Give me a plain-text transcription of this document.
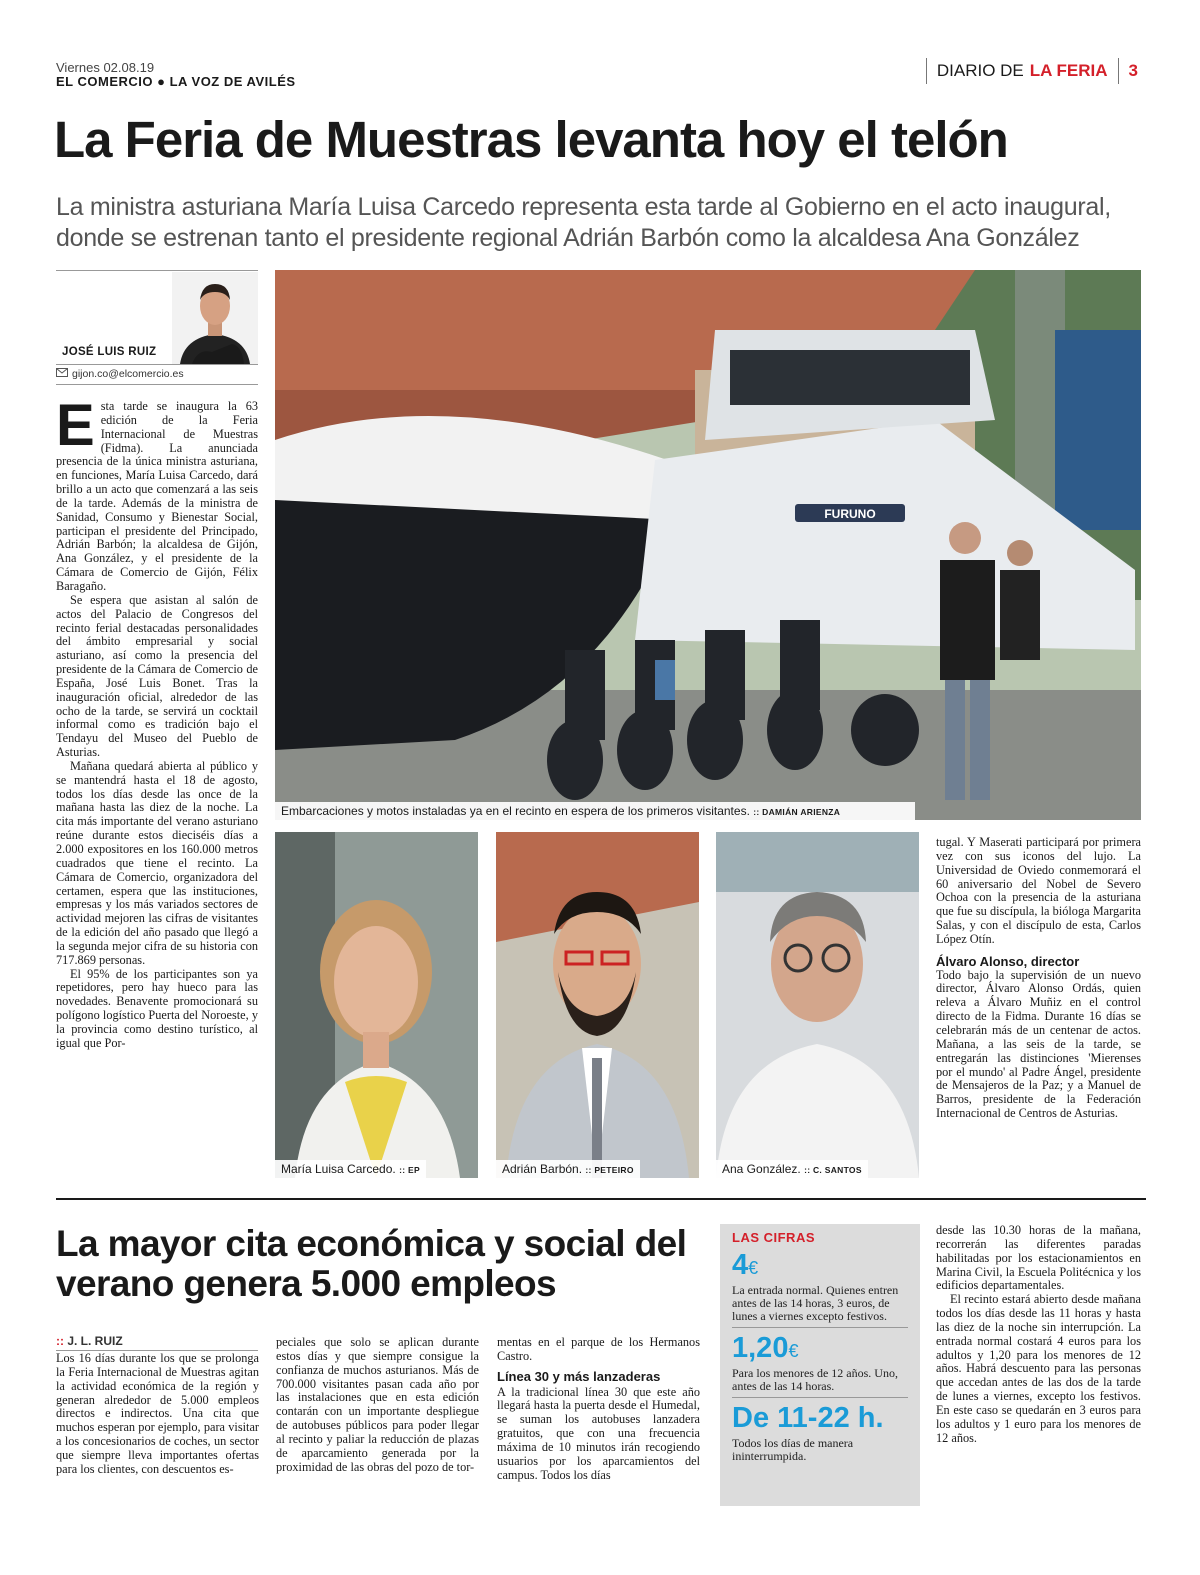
Viernes 02.08.19
EL COMERCIO ● LA VOZ DE AVILÉS
DIARIO DE LA FERIA 3
La Feria de Muestras levanta hoy el telón
La ministra asturiana María Luisa Carcedo representa esta tarde al Gobierno en el acto inaugural, donde se estrenan tanto el presidente regional Adrián Barbón como la alcaldesa Ana González
JOSÉ LUIS RUIZ
gijon.co@elcomercio.es

Esta tarde se inaugura la 63 edición de la Feria Internacional de Muestras (Fidma). La anunciada presencia de la única ministra asturiana, en funciones, María Luisa Carcedo, dará brillo a un acto que comenzará a las seis de la tarde. Además de la ministra de Sanidad, Consumo y Bienestar Social, participan el presidente del Principado, Adrián Barbón; la alcaldesa de Gijón, Ana González, y el presidente de la Cámara de Comercio de Gijón, Félix Baragaño.

Se espera que asistan al salón de actos del Palacio de Congresos del recinto ferial destacadas personalidades del ámbito empresarial y social asturiano, así como la presencia del presidente de la Cámara de Comercio de España, José Luis Bonet. Tras la inauguración oficial, alrededor de las ocho de la tarde, se servirá un cocktail informal como es tradición bajo el Tendayu del Museo del Pueblo de Asturias.

Mañana quedará abierta al público y se mantendrá hasta el 18 de agosto, todos los días desde las once de la mañana hasta las diez de la noche. La cita más importante del verano asturiano reúne durante estos dieciséis días a 2.000 expositores en los 160.000 metros cuadrados que tiene el recinto. La Cámara de Comercio, organizadora del certamen, espera que las instituciones, empresas y los más variados sectores de actividad mejoren las cifras de visitantes de la edición del año pasado que llegó a la segunda mejor cifra de su historia con 717.869 personas.

El 95% de los participantes son ya repetidores, pero hay hueco para las novedades. Benavente promocionará su polígono logístico Puerta del Noroeste, y la provincia como destino turístico, al igual que Por-

FURUNO
Embarcaciones y motos instaladas ya en el recinto en espera de los primeros visitantes. :: DAMIÁN ARIENZA
María Luisa Carcedo. :: EP	Adrián Barbón. :: PETEIRO	Ana González. :: C. SANTOS

tugal. Y Maserati participará por primera vez con sus iconos del lujo. La Universidad de Oviedo conmemorará el 60 aniversario del Nobel de Severo Ochoa con la presencia de la asturiana que fue su discípula, la bióloga Margarita Salas, y con el discípulo de esta, Carlos López Otín.

Álvaro Alonso, director

Todo bajo la supervisión de un nuevo director, Álvaro Alonso Ordás, quien releva a Álvaro Muñiz en el control directo de la Fidma. Durante 16 días se celebrarán más de un centenar de actos. Mañana, a las seis de la tarde, se entregarán las distinciones 'Mierenses por el mundo' al Padre Ángel, presidente de Mensajeros de la Paz; y a Manuel de Barros, presidente de la Federación Internacional de Centros de Asturias.

La mayor cita económica y social del verano genera 5.000 empleos
:: J. L. RUIZ

Los 16 días durante los que se prolonga la Feria Internacional de Muestras agitan la actividad económica de la región y generan alrededor de 5.000 empleos directos e indirectos. Una cita que muchos esperan por ejemplo, para visitar a los concesionarios de coches, un sector que siempre lleva importantes ofertas para los clientes, con descuentos es-

peciales que solo se aplican durante estos días y que siempre consigue la confianza de muchos asturianos. Más de 700.000 visitantes pasan cada año por las instalaciones que en esta edición contarán con un importante despliegue de autobuses públicos para poder llegar al recinto y paliar la reducción de plazas de aparcamiento generada por la proximidad de las obras del pozo de tor-

mentas en el parque de los Hermanos Castro.

Línea 30 y más lanzaderas

A la tradicional línea 30 que este año llegará hasta la puerta desde el Humedal, se suman los autobuses lanzadera gratuitos, que con una frecuencia máxima de 10 minutos irán recogiendo usuarios por los aparcamientos del campus. Todos los días

desde las 10.30 horas de la mañana, recorrerán las diferentes paradas habilitadas por los estacionamientos en Marina Civil, la Escuela Politécnica y los edificios departamentales.

El recinto estará abierto desde mañana todos los días desde las 11 horas y hasta las diez de la noche sin interrupción. La entrada normal costará 4 euros para los adultos y 1,20 para los menores de 12 años. Habrá descuento para las personas que accedan antes de las dos de la tarde de lunes a viernes, excepto los festivos. En este caso se quedarán en 3 euros para los adultos y 1 euro para los menores de 12 años.

LAS CIFRAS
4€
La entrada normal. Quienes entren antes de las 14 horas, 3 euros, de lunes a viernes excepto festivos.
1,20€
Para los menores de 12 años. Uno, antes de las 14 horas.
De 11-22 h.
Todos los días de manera ininterrumpida.
